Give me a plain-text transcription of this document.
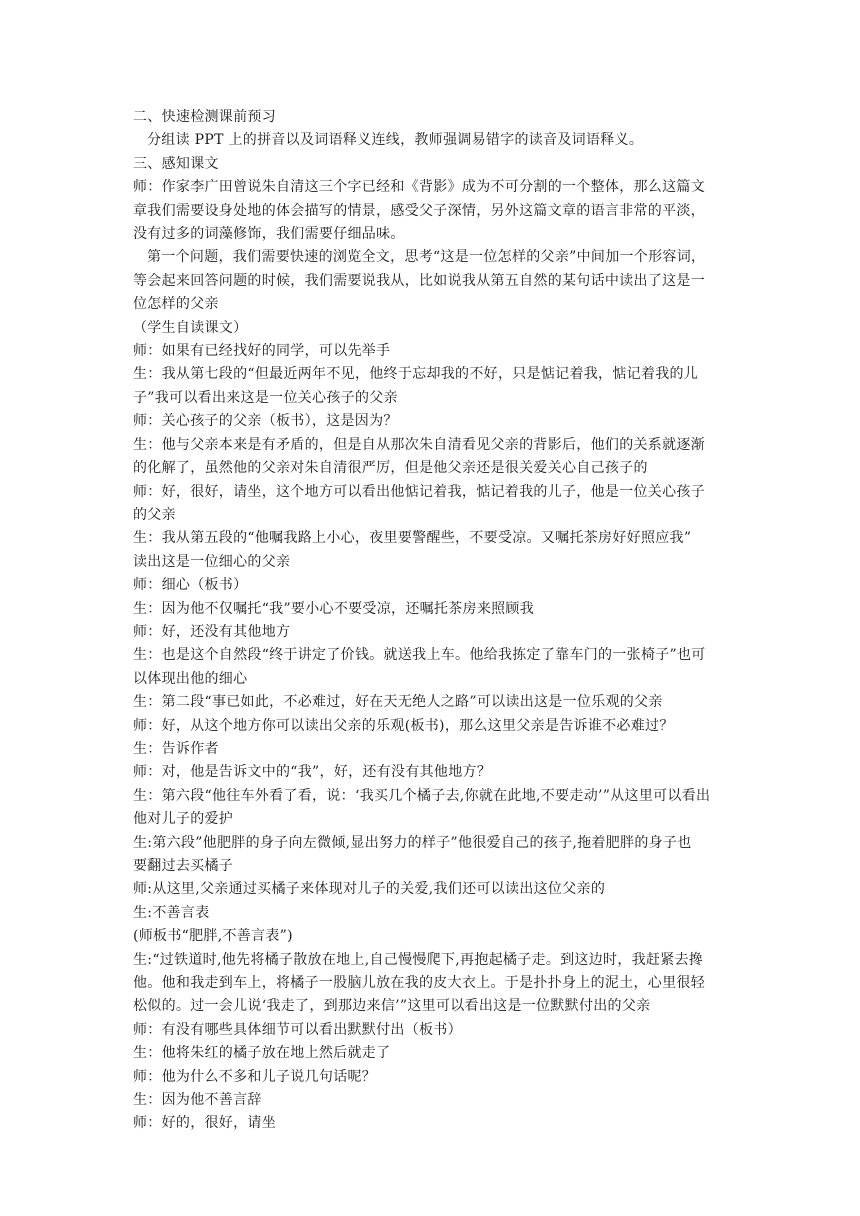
二、快速检测课前预习

分组读 PPT 上的拼音以及词语释义连线，教师强调易错字的读音及词语释义。

三、感知课文

师：作家李广田曾说朱自清这三个字已经和《背影》成为不可分割的一个整体，那么这篇文

章我们需要设身处地的体会描写的情景，感受父子深情，另外这篇文章的语言非常的平淡，

没有过多的词藻修饰，我们需要仔细品味。

第一个问题，我们需要快速的浏览全文，思考“这是一位怎样的父亲”中间加一个形容词，

等会起来回答问题的时候，我们需要说我从，比如说我从第五自然的某句话中读出了这是一

位怎样的父亲

（学生自读课文）

师：如果有已经找好的同学，可以先举手

生：我从第七段的“但最近两年不见，他终于忘却我的不好，只是惦记着我，惦记着我的儿

子”我可以看出来这是一位关心孩子的父亲

师：关心孩子的父亲（板书），这是因为？

生：他与父亲本来是有矛盾的，但是自从那次朱自清看见父亲的背影后，他们的关系就逐渐

的化解了，虽然他的父亲对朱自清很严厉，但是他父亲还是很关爱关心自己孩子的

师：好，很好，请坐，这个地方可以看出他惦记着我，惦记着我的儿子，他是一位关心孩子

的父亲

生：我从第五段的“他嘱我路上小心，夜里要警醒些，不要受凉。又嘱托茶房好好照应我”

读出这是一位细心的父亲

师：细心（板书）

生：因为他不仅嘱托“我”要小心不要受凉，还嘱托茶房来照顾我

师：好，还没有其他地方

生：也是这个自然段“终于讲定了价钱。就送我上车。他给我拣定了靠车门的一张椅子”也可

以体现出他的细心

生：第二段“事已如此，不必难过，好在天无绝人之路”可以读出这是一位乐观的父亲

师：好，从这个地方你可以读出父亲的乐观(板书)，那么这里父亲是告诉谁不必难过？

生：告诉作者

师：对，他是告诉文中的“我”，好，还有没有其他地方？

生：第六段“他往车外看了看，说：‘我买几个橘子去,你就在此地,不要走动’”从这里可以看出

他对儿子的爱护

生:第六段”他肥胖的身子向左微倾,显出努力的样子”他很爱自己的孩子,拖着肥胖的身子也

要翻过去买橘子

师:从这里,父亲通过买橘子来体现对儿子的关爱,我们还可以读出这位父亲的

生:不善言表

(师板书“肥胖,不善言表”)

生:“过铁道时,他先将橘子散放在地上,自己慢慢爬下,再抱起橘子走。到这边时，我赶紧去搀

他。他和我走到车上，将橘子一股脑儿放在我的皮大衣上。于是扑扑身上的泥土，心里很轻

松似的。过一会儿说‘我走了，到那边来信’”这里可以看出这是一位默默付出的父亲

师：有没有哪些具体细节可以看出默默付出（板书）

生：他将朱红的橘子放在地上然后就走了

师：他为什么不多和儿子说几句话呢？

生：因为他不善言辞

师：好的，很好，请坐
